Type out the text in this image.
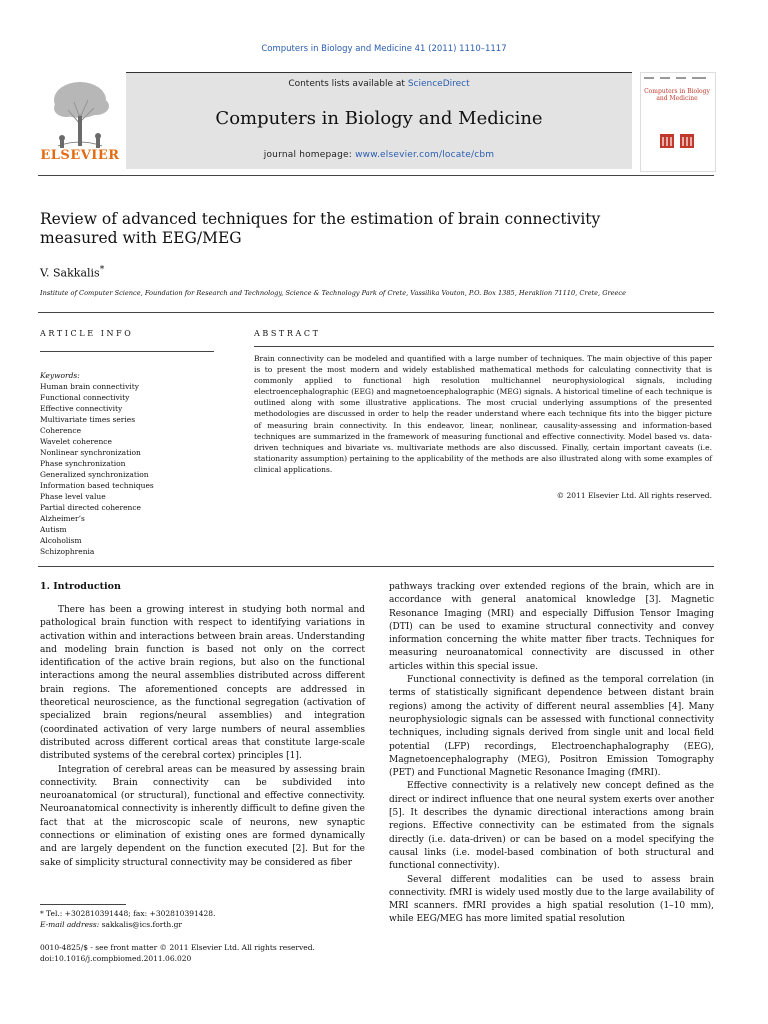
Computers in Biology and Medicine 41 (2011) 1110–1117
Contents lists available at ScienceDirect
Computers in Biology and Medicine
journal homepage: www.elsevier.com/locate/cbm
ELSEVIER
Computers in Biology and Medicine
Review of advanced techniques for the estimation of brain connectivity measured with EEG/MEG
V. Sakkalis*
Institute of Computer Science, Foundation for Research and Technology, Science & Technology Park of Crete, Vassilika Vouton, P.O. Box 1385, Heraklion 71110, Crete, Greece
ARTICLE INFO	ABSTRACT
Keywords:
Human brain connectivity
Functional connectivity
Effective connectivity
Multivariate times series
Coherence
Wavelet coherence
Nonlinear synchronization
Phase synchronization
Generalized synchronization
Information based techniques
Phase level value
Partial directed coherence
Alzheimer’s
Autism
Alcoholism
Schizophrenia
Brain connectivity can be modeled and quantified with a large number of techniques. The main objective of this paper is to present the most modern and widely established mathematical methods for calculating connectivity that is commonly applied to functional high resolution multichannel neurophysiological signals, including electroencephalographic (EEG) and magnetoencephalographic (MEG) signals. A historical timeline of each technique is outlined along with some illustrative applications. The most crucial underlying assumptions of the presented methodologies are discussed in order to help the reader understand where each technique fits into the bigger picture of measuring brain connectivity. In this endeavor, linear, nonlinear, causality-assessing and information-based techniques are summarized in the framework of measuring functional and effective connectivity. Model based vs. data-driven techniques and bivariate vs. multivariate methods are also discussed. Finally, certain important caveats (i.e. stationarity assumption) pertaining to the applicability of the methods are also illustrated along with some examples of clinical applications.
© 2011 Elsevier Ltd. All rights reserved.
1. Introduction

There has been a growing interest in studying both normal and pathological brain function with respect to identifying variations in activation within and interactions between brain areas. Understanding and modeling brain function is based not only on the correct identification of the active brain regions, but also on the functional interactions among the neural assemblies distributed across different brain regions. The aforementioned concepts are addressed in theoretical neuroscience, as the functional segregation (activation of specialized brain regions/neural assemblies) and integration (coordinated activation of very large numbers of neural assemblies distributed across different cortical areas that constitute large-scale distributed systems of the cerebral cortex) principles [1].

Integration of cerebral areas can be measured by assessing brain connectivity. Brain connectivity can be subdivided into neuroanatomical (or structural), functional and effective connectivity. Neuroanatomical connectivity is inherently difficult to define given the fact that at the microscopic scale of neurons, new synaptic connections or elimination of existing ones are formed dynamically and are largely dependent on the function executed [2]. But for the sake of simplicity structural connectivity may be considered as fiber

pathways tracking over extended regions of the brain, which are in accordance with general anatomical knowledge [3]. Magnetic Resonance Imaging (MRI) and especially Diffusion Tensor Imaging (DTI) can be used to examine structural connectivity and convey information concerning the white matter fiber tracts. Techniques for measuring neuroanatomical connectivity are discussed in other articles within this special issue.

Functional connectivity is defined as the temporal correlation (in terms of statistically significant dependence between distant brain regions) among the activity of different neural assemblies [4]. Many neurophysiologic signals can be assessed with functional connectivity techniques, including signals derived from single unit and local field potential (LFP) recordings, Electroenchaphalography (EEG), Magnetoencephalography (MEG), Positron Emission Tomography (PET) and Functional Magnetic Resonance Imaging (fMRI).

Effective connectivity is a relatively new concept defined as the direct or indirect influence that one neural system exerts over another [5]. It describes the dynamic directional interactions among brain regions. Effective connectivity can be estimated from the signals directly (i.e. data-driven) or can be based on a model specifying the causal links (i.e. model-based combination of both structural and functional connectivity).

Several different modalities can be used to assess brain connectivity. fMRI is widely used mostly due to the large availability of MRI scanners. fMRI provides a high spatial resolution (1–10 mm), while EEG/MEG has more limited spatial resolution

* Tel.: +302810391448; fax: +302810391428.
E-mail address: sakkalis@ics.forth.gr
0010-4825/$ - see front matter © 2011 Elsevier Ltd. All rights reserved.
doi:10.1016/j.compbiomed.2011.06.020
